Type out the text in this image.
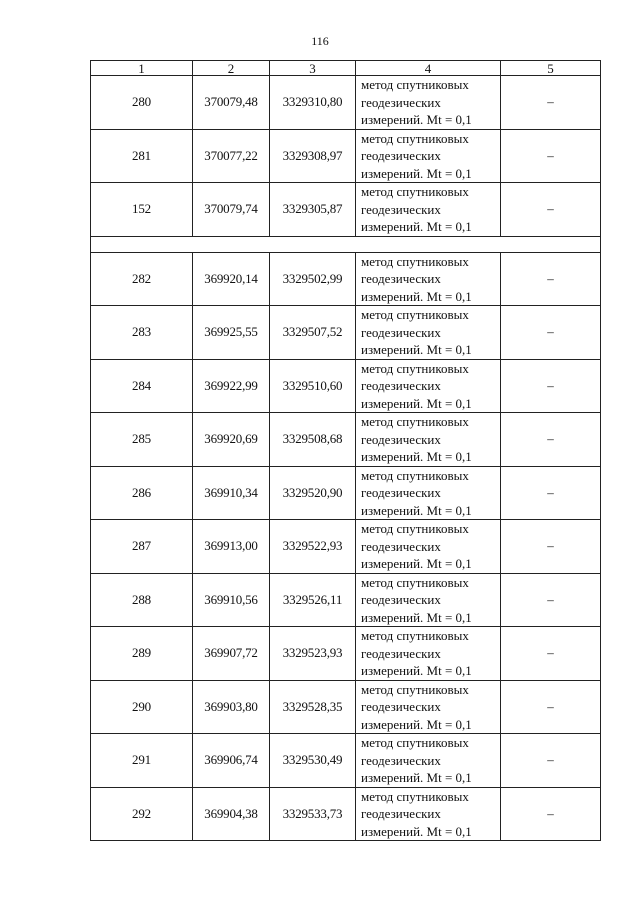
116
1	2	3	4	5
280	370079,48	3329310,80	метод спутниковых
геодезических
измерений. Mt = 0,1	–
281	370077,22	3329308,97	метод спутниковых
геодезических
измерений. Mt = 0,1	–
152	370079,74	3329305,87	метод спутниковых
геодезических
измерений. Mt = 0,1	–

282	369920,14	3329502,99	метод спутниковых
геодезических
измерений. Mt = 0,1	–
283	369925,55	3329507,52	метод спутниковых
геодезических
измерений. Mt = 0,1	–
284	369922,99	3329510,60	метод спутниковых
геодезических
измерений. Mt = 0,1	–
285	369920,69	3329508,68	метод спутниковых
геодезических
измерений. Mt = 0,1	–
286	369910,34	3329520,90	метод спутниковых
геодезических
измерений. Mt = 0,1	–
287	369913,00	3329522,93	метод спутниковых
геодезических
измерений. Mt = 0,1	–
288	369910,56	3329526,11	метод спутниковых
геодезических
измерений. Mt = 0,1	–
289	369907,72	3329523,93	метод спутниковых
геодезических
измерений. Mt = 0,1	–
290	369903,80	3329528,35	метод спутниковых
геодезических
измерений. Mt = 0,1	–
291	369906,74	3329530,49	метод спутниковых
геодезических
измерений. Mt = 0,1	–
292	369904,38	3329533,73	метод спутниковых
геодезических
измерений. Mt = 0,1	–
